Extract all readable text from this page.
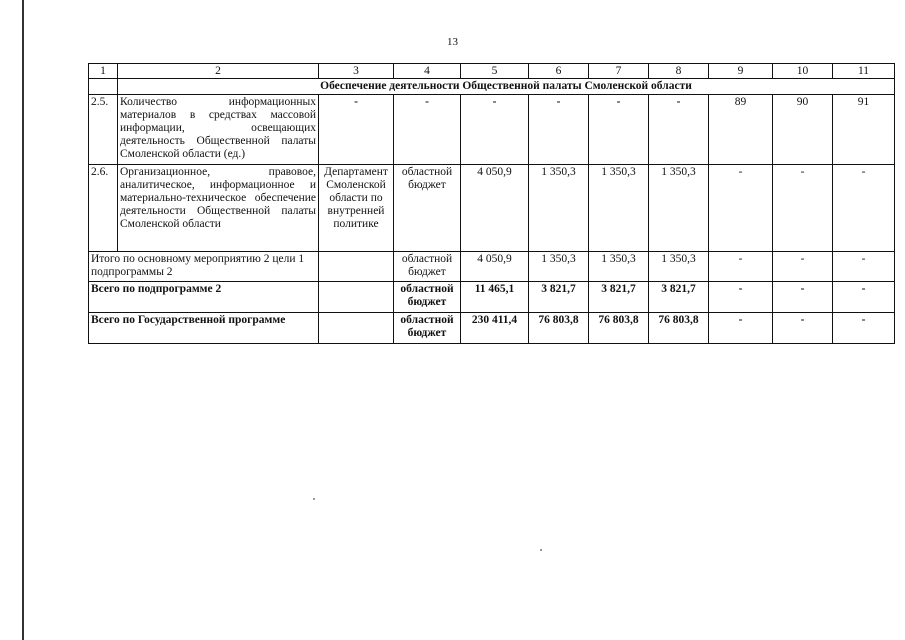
13
1	2	3	4	5	6	7	8	9	10	11
	Обеспечение деятельности Общественной палаты Смоленской области									
2.5.	Количество информационных материалов в средствах массовой информации, освещающих деятельность Общественной палаты Смоленской области (ед.)	-	-	-	-	-	-	89	90	91
2.6.	Организационное, правовое, аналитическое, информационное и материально-техническое обеспечение деятельности Общественной палаты Смоленской области	Департамент Смоленской области по внутренней политике	областной бюджет	4 050,9	1 350,3	1 350,3	1 350,3	-	-	-
Итого по основному мероприятию 2 цели 1 подпрограммы 2			областной бюджет	4 050,9	1 350,3	1 350,3	1 350,3	-	-	-
Всего по подпрограмме 2			областной бюджет	11 465,1	3 821,7	3 821,7	3 821,7	-	-	-
Всего по Государственной программе			областной бюджет	230 411,4	76 803,8	76 803,8	76 803,8	-	-	-
